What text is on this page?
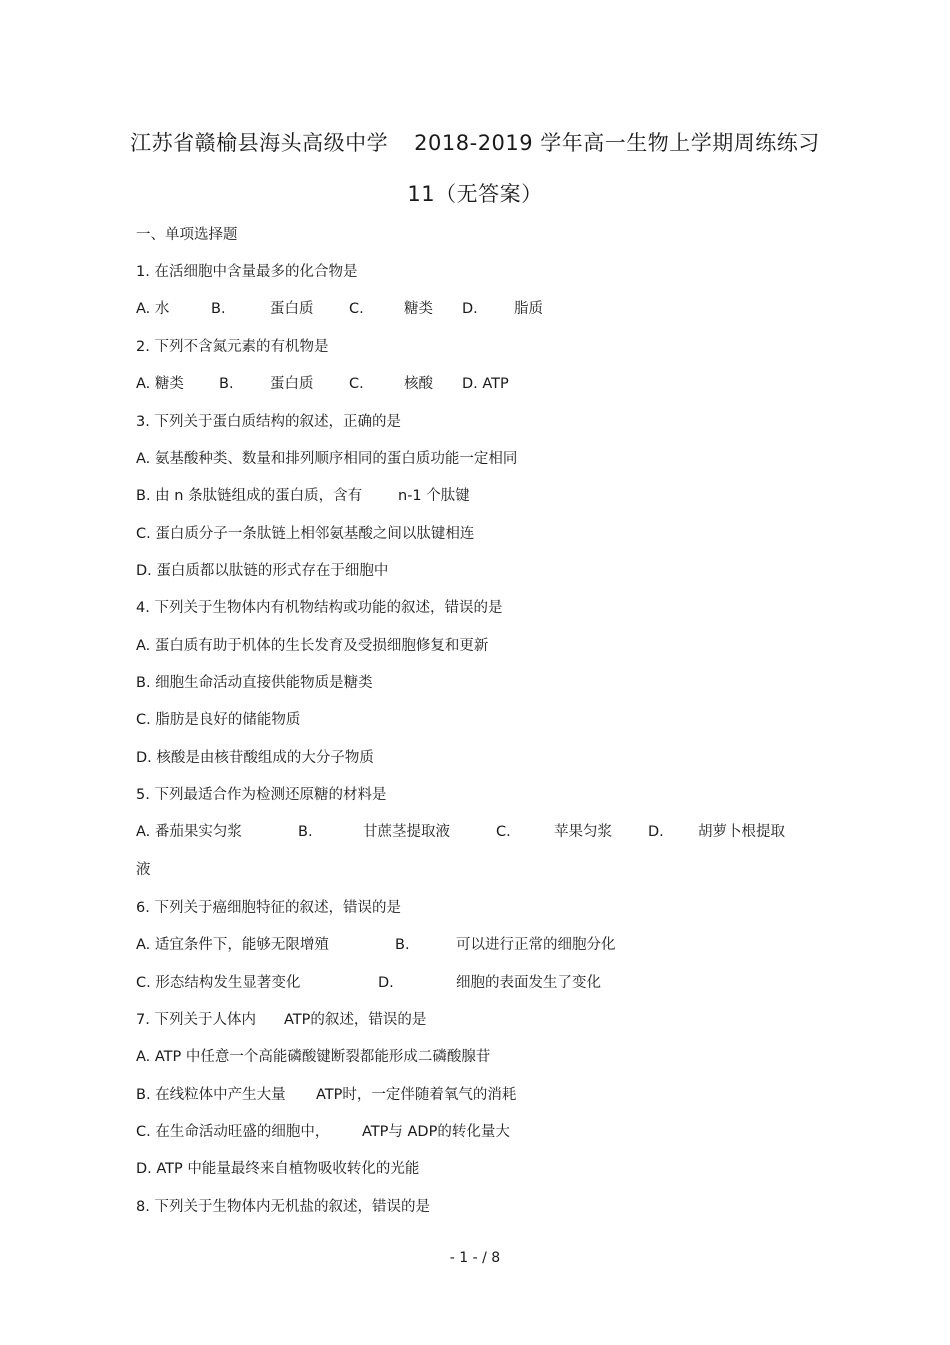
江苏省赣榆县海头高级中学 2018-2019 学年高一生物上学期周练练习
11（无答案）
一、单项选择题
1. 在活细胞中含量最多的化合物是
A. 水	B.	蛋白质 C.	糖类 D. 脂质
2. 下列不含氮元素的有机物是
A. 糖类 B.	蛋白质 C.	核酸 D. ATP
3. 下列关于蛋白质结构的叙述，正确的是
A. 氨基酸种类、数量和排列顺序相同的蛋白质功能一定相同
B. 由 n 条肽链组成的蛋白质，含有 n-1 个肽键
C. 蛋白质分子一条肽链上相邻氨基酸之间以肽键相连
D. 蛋白质都以肽链的形式存在于细胞中
4. 下列关于生物体内有机物结构或功能的叙述，错误的是
A. 蛋白质有助于机体的生长发育及受损细胞修复和更新
B. 细胞生命活动直接供能物质是糖类
C. 脂肪是良好的储能物质
D. 核酸是由核苷酸组成的大分子物质
5. 下列最适合作为检测还原糖的材料是
A. 番茄果实匀浆	B.	甘蔗茎提取液	C.	苹果匀浆 D. 胡萝卜根提取
液
6. 下列关于癌细胞特征的叙述，错误的是
A. 适宜条件下，能够无限增殖	B.	可以进行正常的细胞分化
C. 形态结构发生显著变化	D.	细胞的表面发生了变化
7. 下列关于人体内 ATP的叙述，错误的是
A. ATP 中任意一个高能磷酸键断裂都能形成二磷酸腺苷
B. 在线粒体中产生大量 ATP时，一定伴随着氧气的消耗
C. 在生命活动旺盛的细胞中， ATP与 ADP的转化量大
D. ATP 中能量最终来自植物吸收转化的光能
8. 下列关于生物体内无机盐的叙述，错误的是
- 1 - / 8
